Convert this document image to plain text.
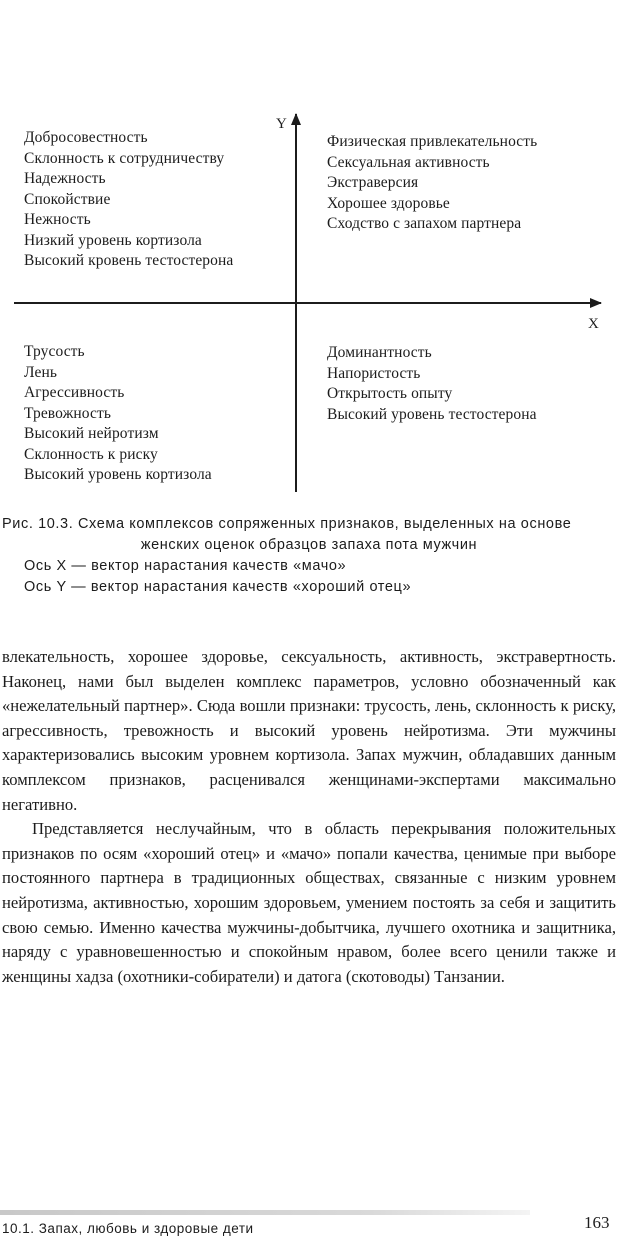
Y
X
Добросовестность
Склонность к сотрудничеству
Надежность
Спокойствие
Нежность
Низкий уровень кортизола
Высокий кровень тестостерона
Физическая привлекательность
Сексуальная активность
Экстраверсия
Хорошее здоровье
Сходство с запахом партнера
Трусость
Лень
Агрессивность
Тревожность
Высокий нейротизм
Склонность к риску
Высокий уровень кортизола
Доминантность
Напористость
Открытость опыту
Высокий уровень тестостерона
Рис. 10.3. Схема комплексов сопряженных признаков, выделенных на основе
женских оценок образцов запаха пота мужчин
Ось Х — вектор нарастания качеств «мачо»
Ось Y — вектор нарастания качеств «хороший отец»

влекательность, хорошее здоровье, сексуальность, активность, экстравертность. Наконец, нами был выделен комплекс параметров, условно обозначенный как «нежелательный партнер». Сюда вошли признаки: трусость, лень, склонность к риску, агрессивность, тревожность и высокий уровень нейротизма. Эти мужчины характеризовались высоким уровнем кортизола. Запах мужчин, обладавших данным комплексом признаков, расценивался женщинами-экспертами максимально негативно.

Представляется неслучайным, что в область перекрывания положительных признаков по осям «хороший отец» и «мачо» попали качества, ценимые при выборе постоянного партнера в традиционных обществах, связанные с низким уровнем нейротизма, активностью, хорошим здоровьем, умением постоять за себя и защитить свою семью. Именно качества мужчины-добытчика, лучшего охотника и защитника, наряду с уравновешенностью и спокойным нравом, более всего ценили также и женщины хадза (охотники-собиратели) и датога (скотоводы) Танзании.

10.1. Запах, любовь и здоровые дети	163
